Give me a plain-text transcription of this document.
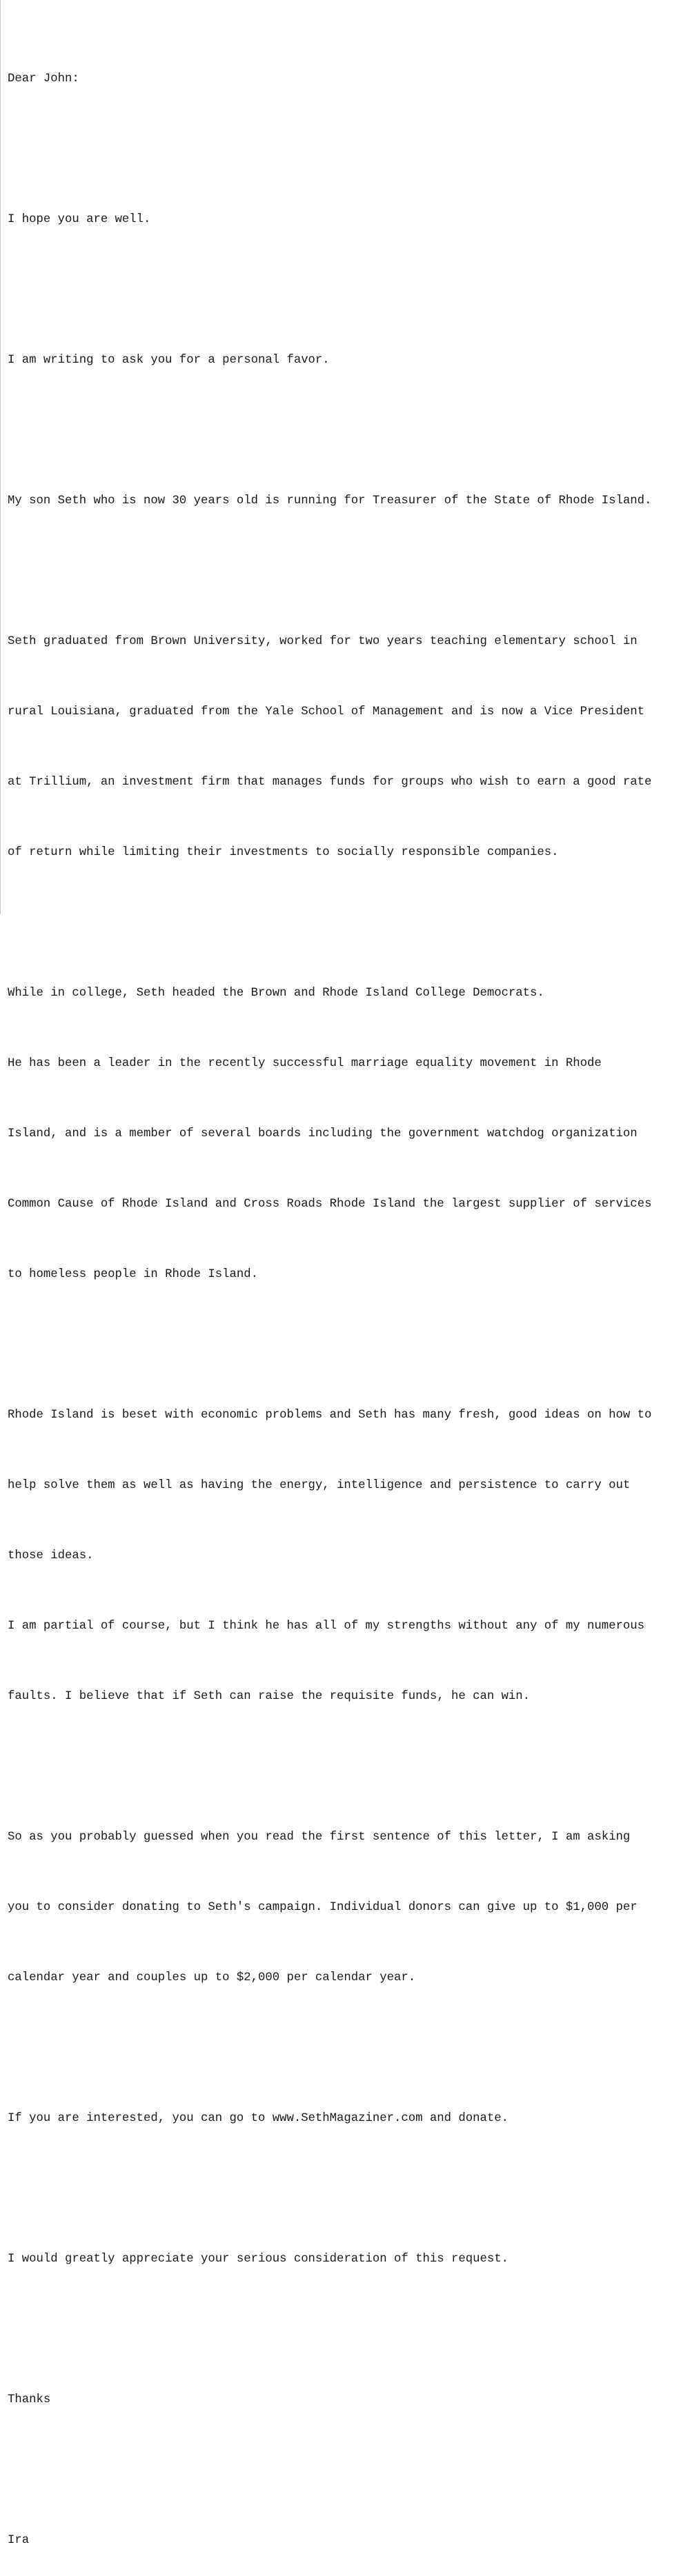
Dear John:

I hope you are well.

I am writing to ask you for a personal favor.

My son Seth who is now 30 years old is running for Treasurer of the State of Rhode Island.

Seth graduated from Brown University, worked for two years teaching elementary school in

rural Louisiana, graduated from the Yale School of Management and is now a Vice President

at Trillium, an investment firm that manages funds for groups who wish to earn a good rate

of return while limiting their investments to socially responsible companies.

While in college, Seth headed the Brown and Rhode Island College Democrats.

He has been a leader in the recently successful marriage equality movement in Rhode

Island, and is a member of several boards including the government watchdog organization

Common Cause of Rhode Island and Cross Roads Rhode Island the largest supplier of services

to homeless people in Rhode Island.

Rhode Island is beset with economic problems and Seth has many fresh, good ideas on how to

help solve them as well as having the energy, intelligence and persistence to carry out

those ideas.

I am partial of course, but I think he has all of my strengths without any of my numerous

faults. I believe that if Seth can raise the requisite funds, he can win.

So as you probably guessed when you read the first sentence of this letter, I am asking

you to consider donating to Seth's campaign. Individual donors can give up to $1,000 per

calendar year and couples up to $2,000 per calendar year.

If you are interested, you can go to www.SethMagaziner.com and donate.

I would greatly appreciate your serious consideration of this request.

Thanks

Ira
